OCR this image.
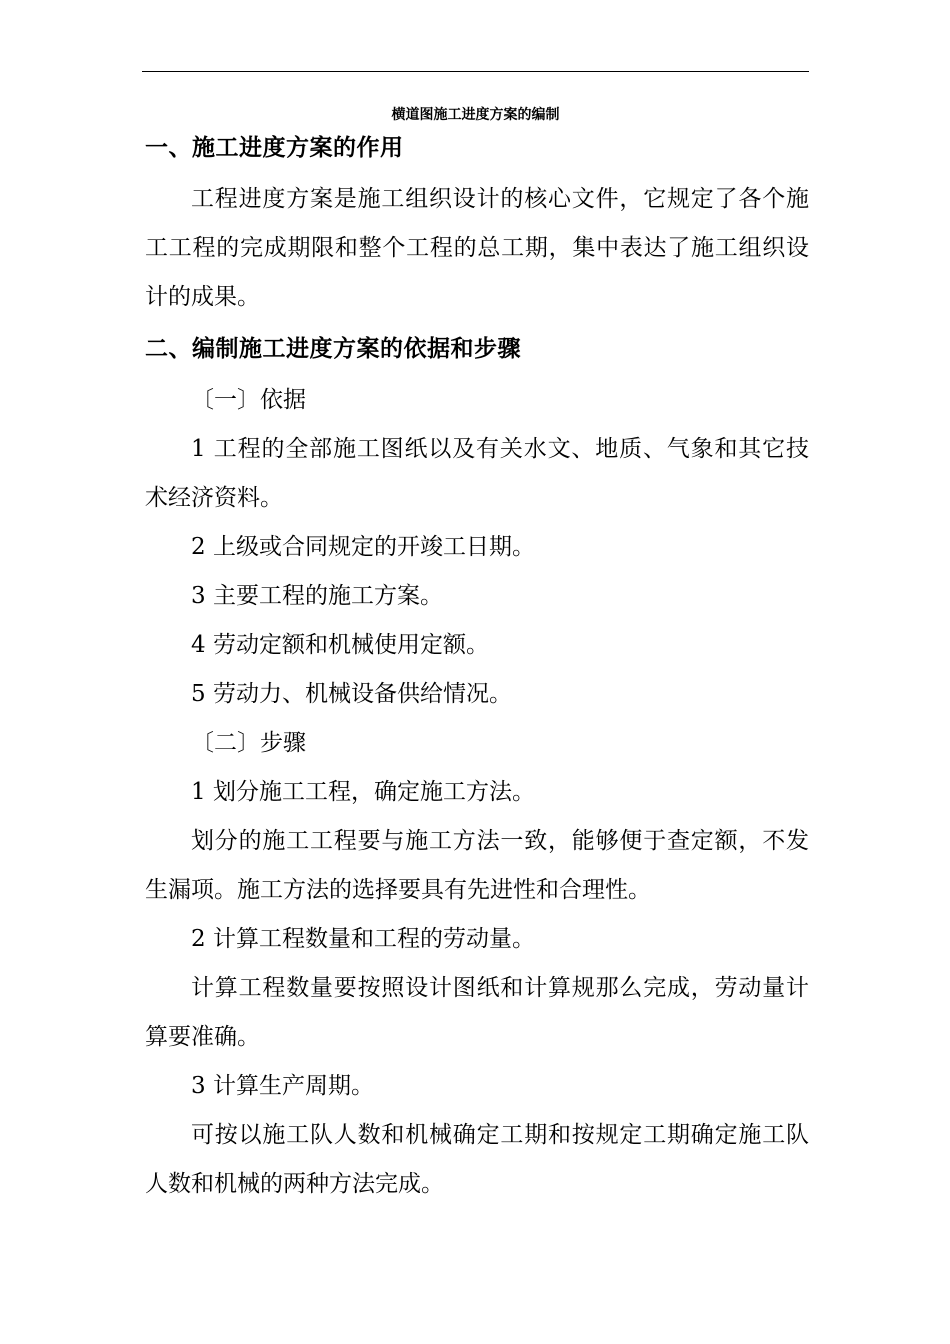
横道图施工进度方案的编制

一、施工进度方案的作用

工程进度方案是施工组织设计的核心文件，它规定了各个施工工程的完成期限和整个工程的总工期，集中表达了施工组织设计的成果。

二、编制施工进度方案的依据和步骤

〔一〕依据

1 工程的全部施工图纸以及有关水文、地质、气象和其它技术经济资料。

2 上级或合同规定的开竣工日期。

3 主要工程的施工方案。

4 劳动定额和机械使用定额。

5 劳动力、机械设备供给情况。

〔二〕步骤

1 划分施工工程，确定施工方法。

划分的施工工程要与施工方法一致，能够便于查定额，不发生漏项。施工方法的选择要具有先进性和合理性。

2 计算工程数量和工程的劳动量。

计算工程数量要按照设计图纸和计算规那么完成，劳动量计算要准确。

3 计算生产周期。

可按以施工队人数和机械确定工期和按规定工期确定施工队人数和机械的两种方法完成。
